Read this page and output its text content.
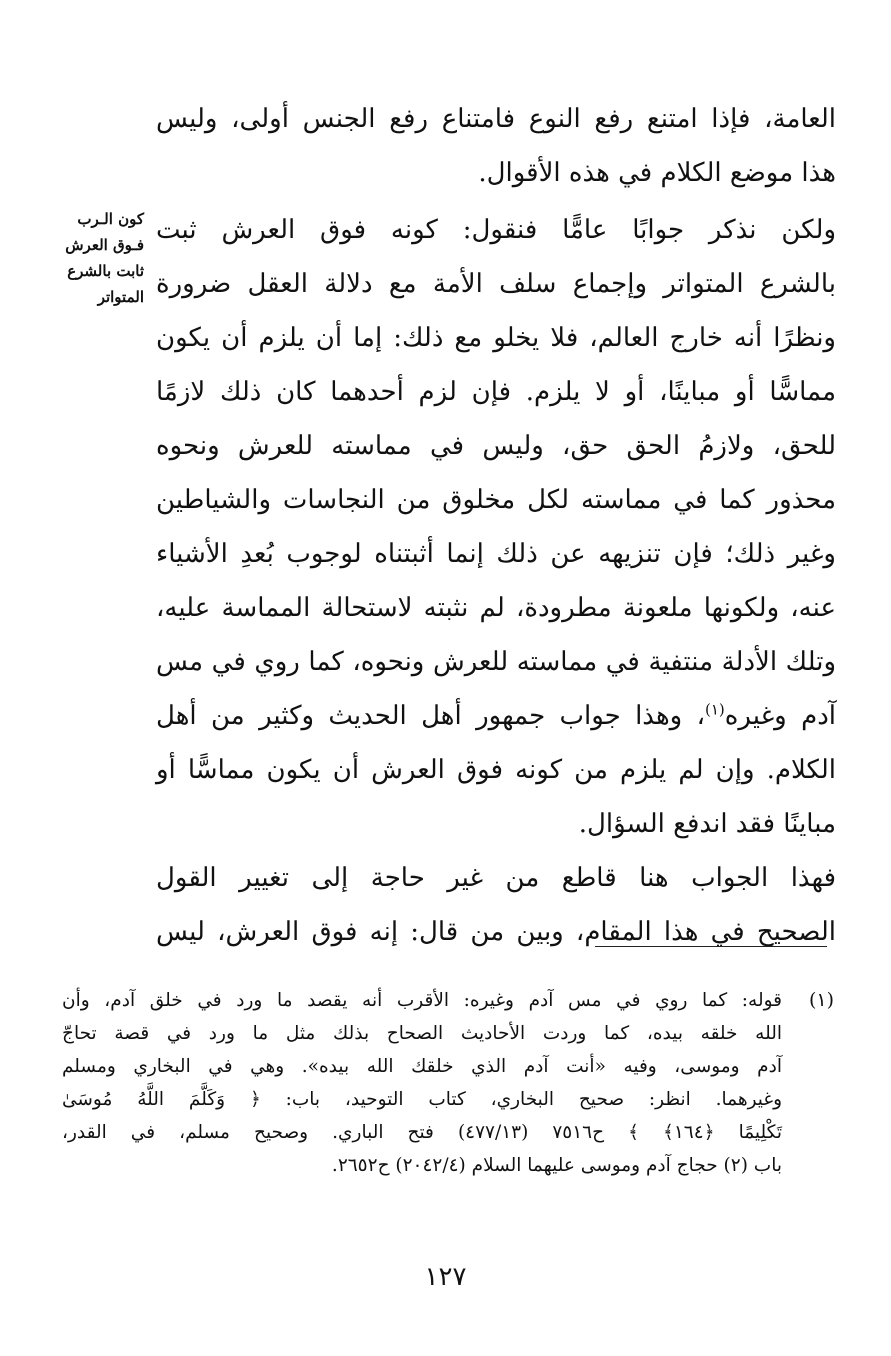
كون الـرب
فـوق العرش
ثابت بالشرع
المتواتر
العامة، فإذا امتنع رفع النوع فامتناع رفع الجنس أولى، وليس
هذا موضع الكلام في هذه الأقوال.
ولكن نذكر جوابًا عامًّا فنقول: كونه فوق العرش ثبت
بالشرع المتواتر وإجماع سلف الأمة مع دلالة العقل ضرورة
ونظرًا أنه خارج العالم، فلا يخلو مع ذلك: إما أن يلزم أن يكون
مماسًّا أو مباينًا، أو لا يلزم. فإن لزم أحدهما كان ذلك لازمًا
للحق، ولازمُ الحق حق، وليس في مماسته للعرش ونحوه
محذور كما في مماسته لكل مخلوق من النجاسات والشياطين
وغير ذلك؛ فإن تنزيهه عن ذلك إنما أثبتناه لوجوب بُعدِ الأشياء
عنه، ولكونها ملعونة مطرودة، لم نثبته لاستحالة المماسة عليه،
وتلك الأدلة منتفية في مماسته للعرش ونحوه، كما روي في مس
آدم وغيره$^{(١)}$، وهذا جواب جمهور أهل الحديث وكثير من أهل
الكلام. وإن لم يلزم من كونه فوق العرش أن يكون مماسًّا أو
مباينًا فقد اندفع السؤال.
فهذا الجواب هنا قاطع من غير حاجة إلى تغيير القول
الصحيح في هذا المقام، وبين من قال: إنه فوق العرش، ليس
(١)
قوله: كما روي في مس آدم وغيره: الأقرب أنه يقصد ما ورد في خلق آدم، وأن
الله خلقه بيده، كما وردت الأحاديث الصحاح بذلك مثل ما ورد في قصة تحاجّ
آدم وموسى، وفيه «أنت آدم الذي خلقك الله بيده». وهي في البخاري ومسلم
وغيرهما. انظر: صحيح البخاري، كتاب التوحيد، باب: ﴿ وَكَلَّمَ اللَّهُ مُوسَىٰ
تَكْلِيمًا ﴿١٦٤﴾ ﴾ ح٧٥١٦ (٤٧٧/١٣) فتح الباري. وصحيح مسلم، في القدر،
باب (٢) حجاج آدم وموسى عليهما السلام (٢٠٤٢/٤) ح٢٦٥٢.
١٢٧
